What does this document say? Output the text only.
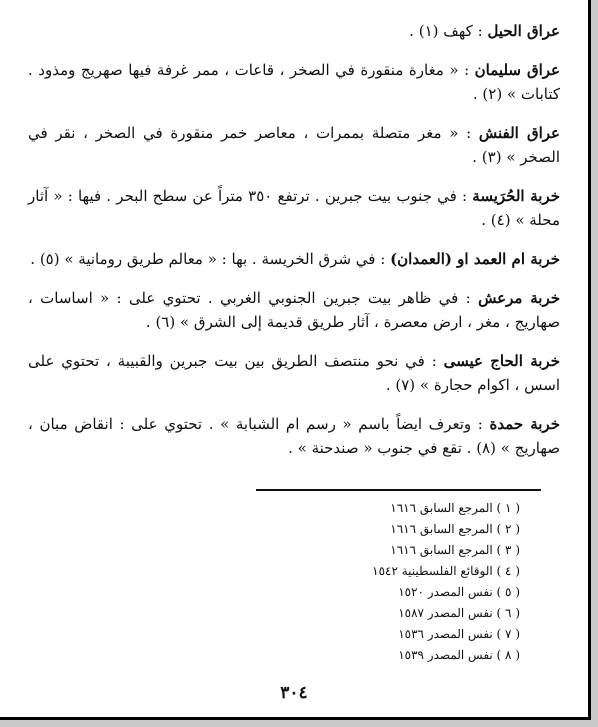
عراق الحيل : كهف (١) .

عراق سليمان : « مغارة منقورة في الصخر ، قاعات ، ممر غرفة فيها صهريج ومذود . كتابات » (٢) .

عراق الفنش : « مغر متصلة بممرات ، معاصر خمر منقورة في الصخر ، نقر في الصخر » (٣) .

خربة الحُرَيسة : في جنوب بيت جبرين . ترتفع ٣٥٠ متراً عن سطح البحر . فيها : « آثار محلة » (٤) .

خربة ام العمد او (العمدان) : في شرق الخريسة . بها : « معالم طريق رومانية » (٥) .

خربة مرعش : في ظاهر بيت جبرين الجنوبي الغربي . تحتوي على : « اساسات ، صهاريج ، مغر ، ارض معصرة ، آثار طريق قديمة إلى الشرق » (٦) .

خربة الحاج عيسى : في نحو منتصف الطريق بين بيت جبرين والقبيبة ، تحتوي على اسس ، اكوام حجارة » (٧) .

خربة حمدة : وتعرف ايضاً باسم « رسم ام الشبابة » . تحتوي على : انقاض مبان ، صهاريج » (٨) . تقع في جنوب « صندحنة » .

( ١ ) المرجع السابق ١٦١٦
( ٢ ) المرجع السابق ١٦١٦
( ٣ ) المرجع السابق ١٦١٦
( ٤ ) الوقائع الفلسطينية ١٥٤٢
( ٥ ) نفس المصدر ١٥٢٠
( ٦ ) نفس المصدر ١٥٨٧
( ٧ ) نفس المصدر ١٥٣٦
( ٨ ) نفس المصدر ١٥٣٩
٣٠٤
